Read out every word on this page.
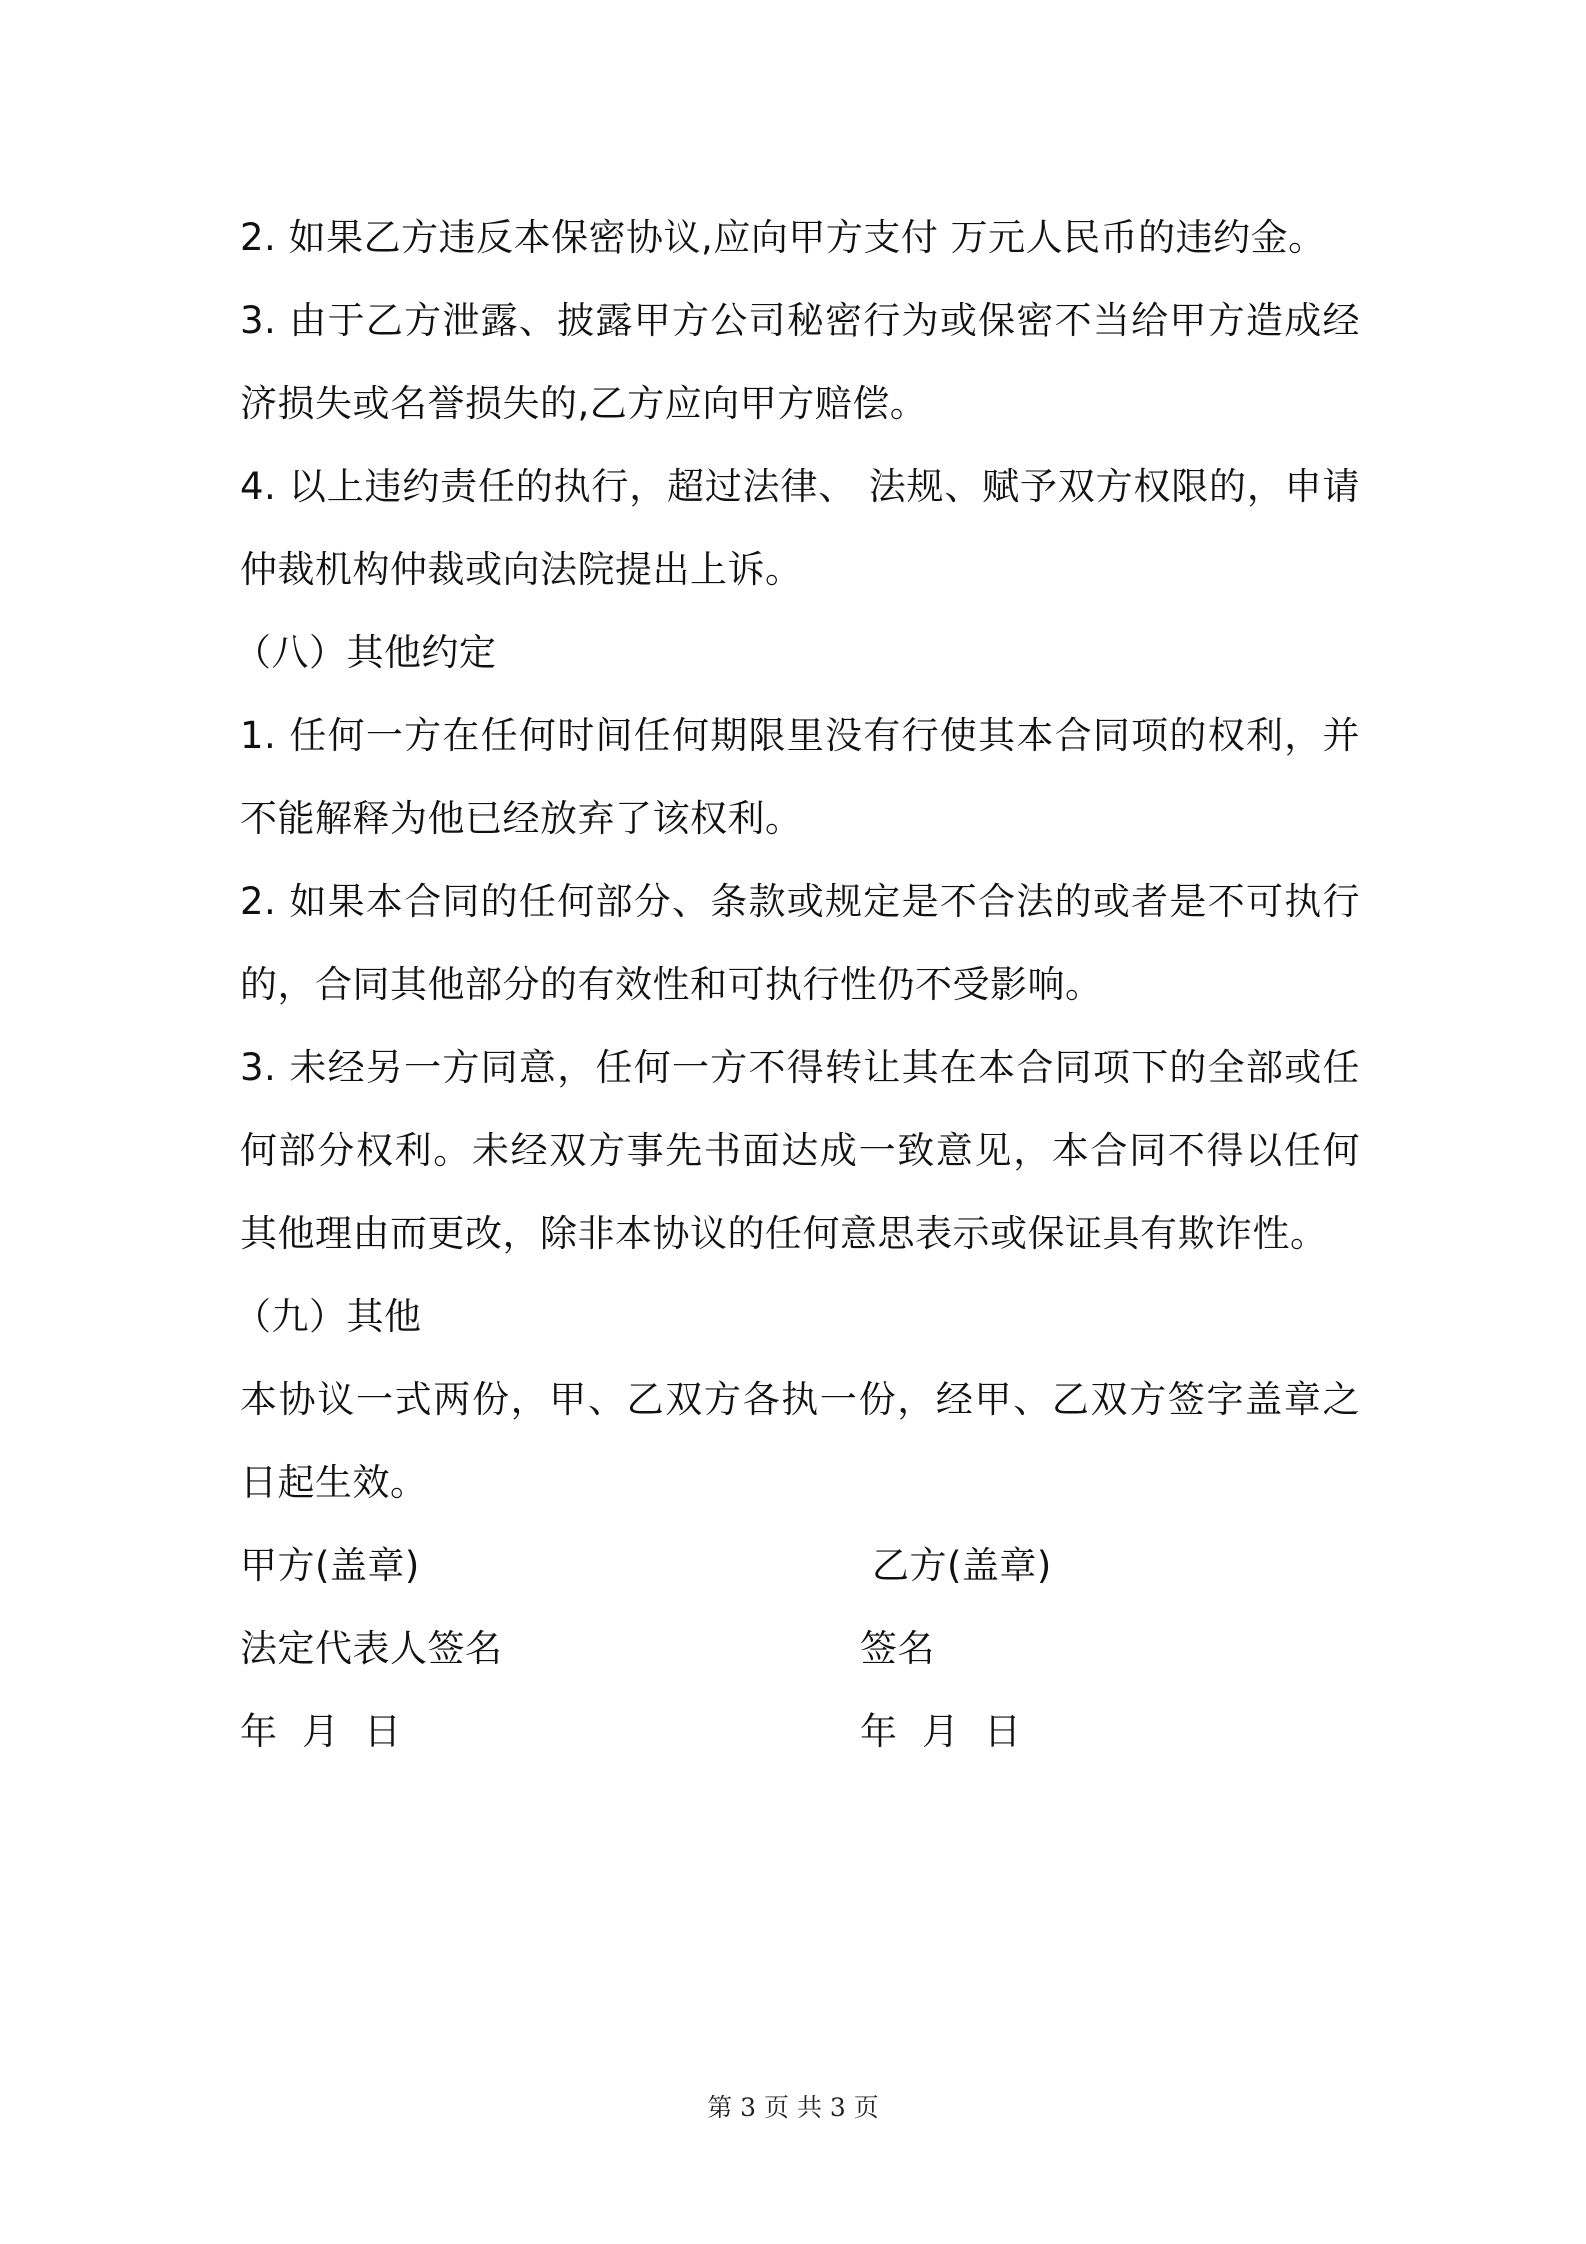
2. 如果乙方违反本保密协议,应向甲方支付 万元人民币的违约金。

3. 由于乙方泄露、披露甲方公司秘密行为或保密不当给甲方造成经济损失或名誉损失的,乙方应向甲方赔偿。

4. 以上违约责任的执行，超过法律、 法规、赋予双方权限的，申请仲裁机构仲裁或向法院提出上诉。

（八）其他约定

1. 任何一方在任何时间任何期限里没有行使其本合同项的权利，并不能解释为他已经放弃了该权利。

2. 如果本合同的任何部分、条款或规定是不合法的或者是不可执行的，合同其他部分的有效性和可执行性仍不受影响。

3. 未经另一方同意，任何一方不得转让其在本合同项下的全部或任何部分权利。未经双方事先书面达成一致意见，本合同不得以任何其他理由而更改，除非本协议的任何意思表示或保证具有欺诈性。

（九）其他

本协议一式两份，甲、乙双方各执一份，经甲、乙双方签字盖章之日起生效。

甲方(盖章)	乙方(盖章)
法定代表人签名	签名
年  月  日	年  月  日
第 3 页 共 3 页
